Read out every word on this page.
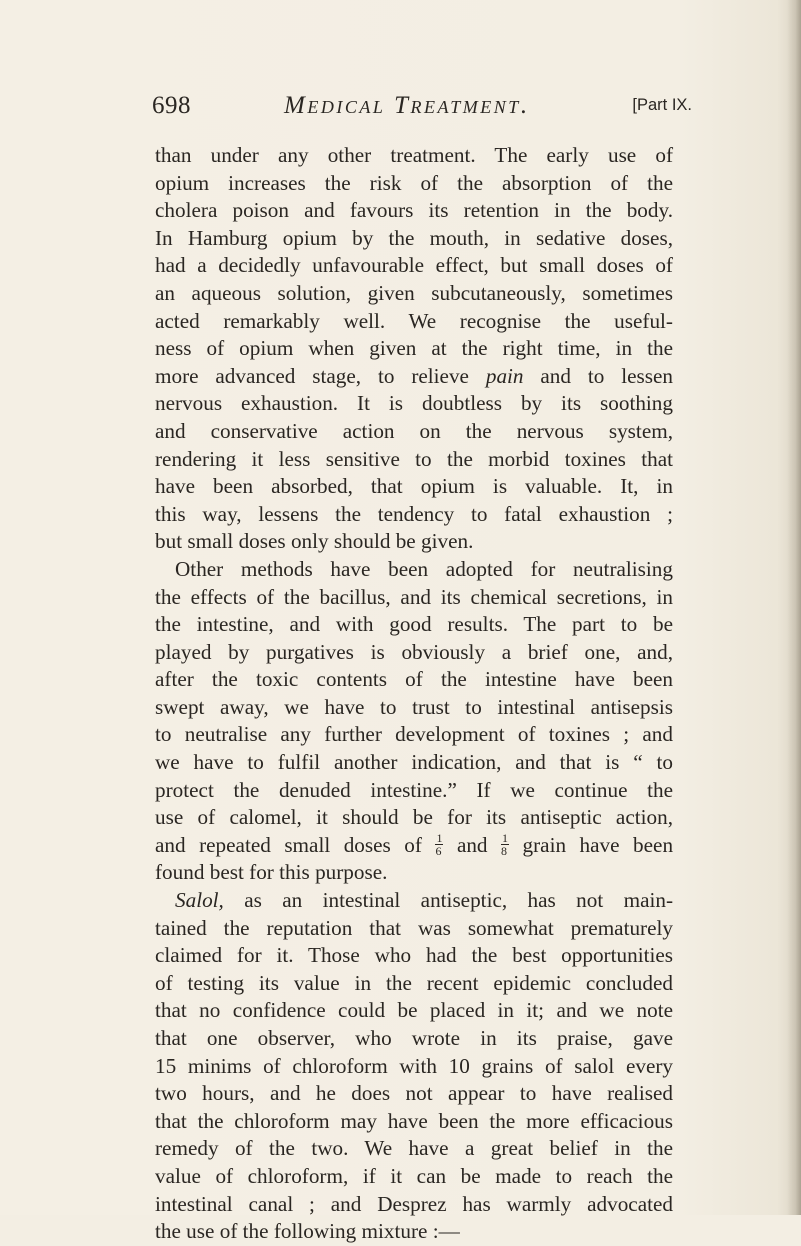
698	Medical Treatment.	[Part IX.
than under any other treatment. The early use of
opium increases the risk of the absorption of the
cholera poison and favours its retention in the body.
In Hamburg opium by the mouth, in sedative doses,
had a decidedly unfavourable effect, but small doses of
an aqueous solution, given subcutaneously, sometimes
acted remarkably well. We recognise the useful-
ness of opium when given at the right time, in the
more advanced stage, to relieve pain and to lessen
nervous exhaustion. It is doubtless by its soothing
and conservative action on the nervous system,
rendering it less sensitive to the morbid toxines that
have been absorbed, that opium is valuable. It, in
this way, lessens the tendency to fatal exhaustion ;
but small doses only should be given.
Other methods have been adopted for neutralising
the effects of the bacillus, and its chemical secretions, in
the intestine, and with good results. The part to be
played by purgatives is obviously a brief one, and,
after the toxic contents of the intestine have been
swept away, we have to trust to intestinal antisepsis
to neutralise any further development of toxines ; and
we have to fulfil another indication, and that is “ to
protect the denuded intestine.” If we continue the
use of calomel, it should be for its antiseptic action,
and repeated small doses of $\frac{1}{6}$ and $\frac{1}{8}$ grain have been
found best for this purpose.
Salol, as an intestinal antiseptic, has not main-
tained the reputation that was somewhat prematurely
claimed for it. Those who had the best opportunities
of testing its value in the recent epidemic concluded
that no confidence could be placed in it; and we note
that one observer, who wrote in its praise, gave
15 minims of chloroform with 10 grains of salol every
two hours, and he does not appear to have realised
that the chloroform may have been the more efficacious
remedy of the two. We have a great belief in the
value of chloroform, if it can be made to reach the
intestinal canal ; and Desprez has warmly advocated
the use of the following mixture :—
